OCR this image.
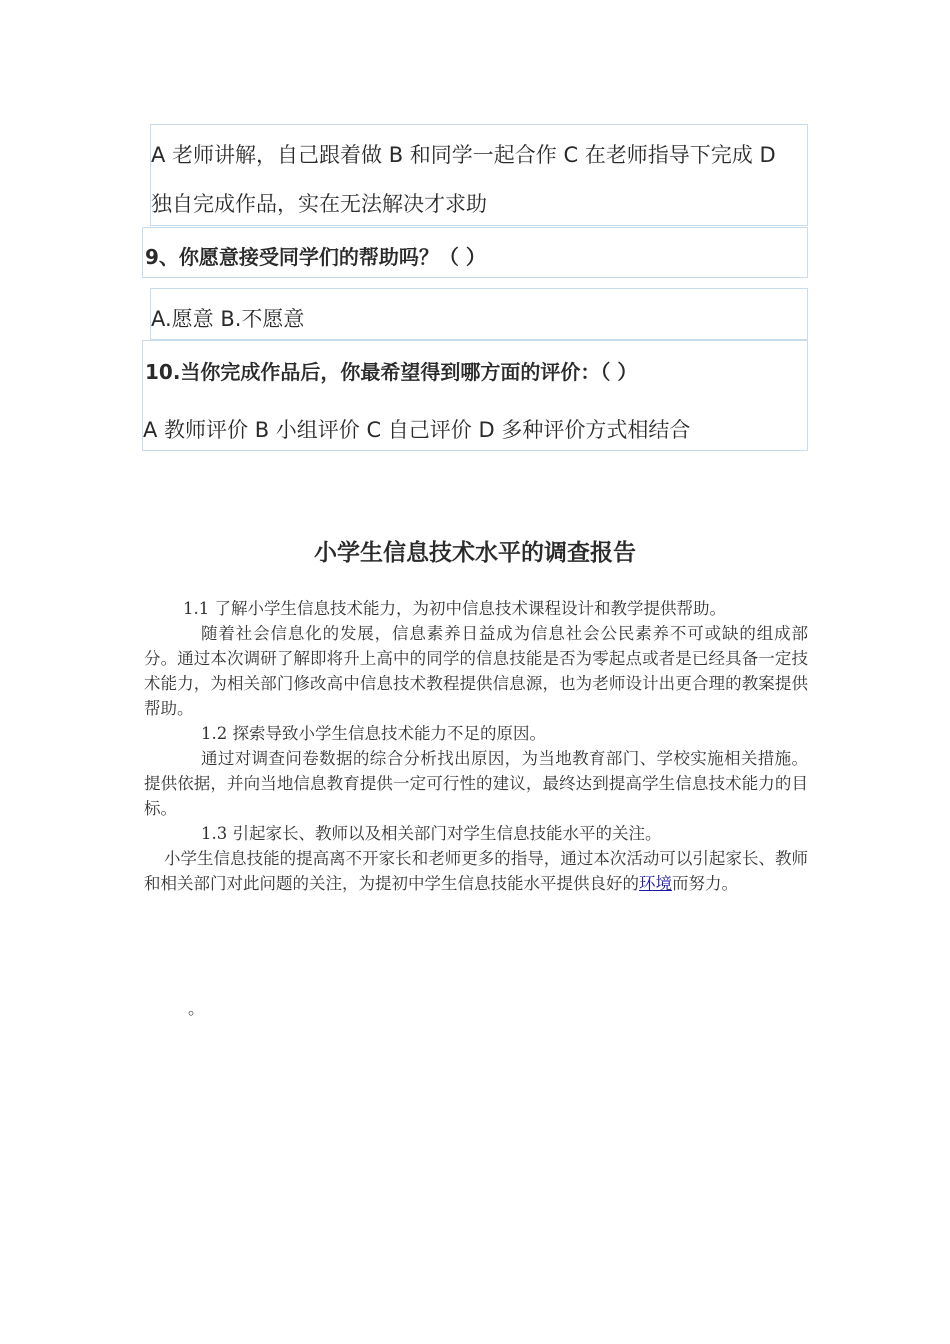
A 老师讲解，自己跟着做 B 和同学一起合作 C 在老师指导下完成 D
独自完成作品，实在无法解决才求助
9、你愿意接受同学们的帮助吗？（ ）
A.愿意 B.不愿意
10.当你完成作品后，你最希望得到哪方面的评价：（ ）
A 教师评价 B 小组评价 C 自己评价 D 多种评价方式相结合
小学生信息技术水平的调查报告
1.1 了解小学生信息技术能力，为初中信息技术课程设计和教学提供帮助。
随着社会信息化的发展，信息素养日益成为信息社会公民素养不可或缺的组成部分。通过本次调研了解即将升上高中的同学的信息技能是否为零起点或者是已经具备一定技术能力，为相关部门修改高中信息技术教程提供信息源，也为老师设计出更合理的教案提供帮助。
1.2 探索导致小学生信息技术能力不足的原因。
通过对调查问卷数据的综合分析找出原因，为当地教育部门、学校实施相关措施。提供依据，并向当地信息教育提供一定可行性的建议，最终达到提高学生信息技术能力的目标。
1.3 引起家长、教师以及相关部门对学生信息技能水平的关注。
小学生信息技能的提高离不开家长和老师更多的指导，通过本次活动可以引起家长、教师和相关部门对此问题的关注，为提初中学生信息技能水平提供良好的环境而努力。
。
